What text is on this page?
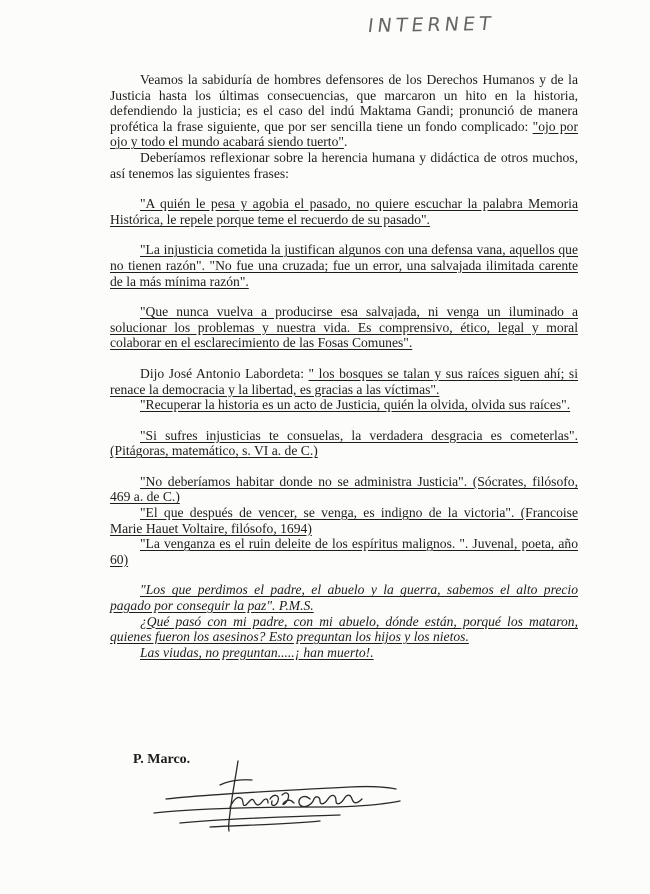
INTERNET

Veamos la sabiduría de hombres defensores de los Derechos Humanos y de la Justicia hasta los últimas consecuencias, que marcaron un hito en la historia, defendiendo la justicia; es el caso del indú Maktama Gandi; pronunció de manera profética la frase siguiente, que por ser sencilla tiene un fondo complicado: "ojo por ojo y todo el mundo acabará siendo tuerto".

Deberíamos reflexionar sobre la herencia humana y didáctica de otros muchos, así tenemos las siguientes frases:

"A quién le pesa y agobia el pasado, no quiere escuchar la palabra Memoria Histórica, le repele porque teme el recuerdo de su pasado".

"La injusticia cometida la justifican algunos con una defensa vana, aquellos que no tienen razón". "No fue una cruzada; fue un error, una salvajada ilimitada carente de la más mínima razón".

"Que nunca vuelva a producirse esa salvajada, ni venga un iluminado a solucionar los problemas y nuestra vida. Es comprensivo, ético, legal y moral colaborar en el esclarecimiento de las Fosas Comunes".

Dijo José Antonio Labordeta: " los bosques se talan y sus raíces siguen ahí; si renace la democracia y la libertad, es gracias a las víctimas".

"Recuperar la historia es un acto de Justicia, quién la olvida, olvida sus raíces".

"Si sufres injusticias te consuelas, la verdadera desgracia es cometerlas". (Pitágoras, matemático, s. VI a. de C.)

"No deberíamos habitar donde no se administra Justicia". (Sócrates, filósofo, 469 a. de C.)

"El que después de vencer, se venga, es indigno de la victoria". (Francoise Marie Hauet Voltaire, filósofo, 1694)

"La venganza es el ruin deleite de los espíritus malignos. ". Juvenal, poeta, año 60)

"Los que perdimos el padre, el abuelo y la guerra, sabemos el alto precio pagado por conseguir la paz". P.M.S.

¿Qué pasó con mi padre, con mi abuelo, dónde están, porqué los mataron, quienes fueron los asesinos? Esto preguntan los hijos y los nietos.

Las viudas, no preguntan.....¡ han muerto!.

P. Marco.
